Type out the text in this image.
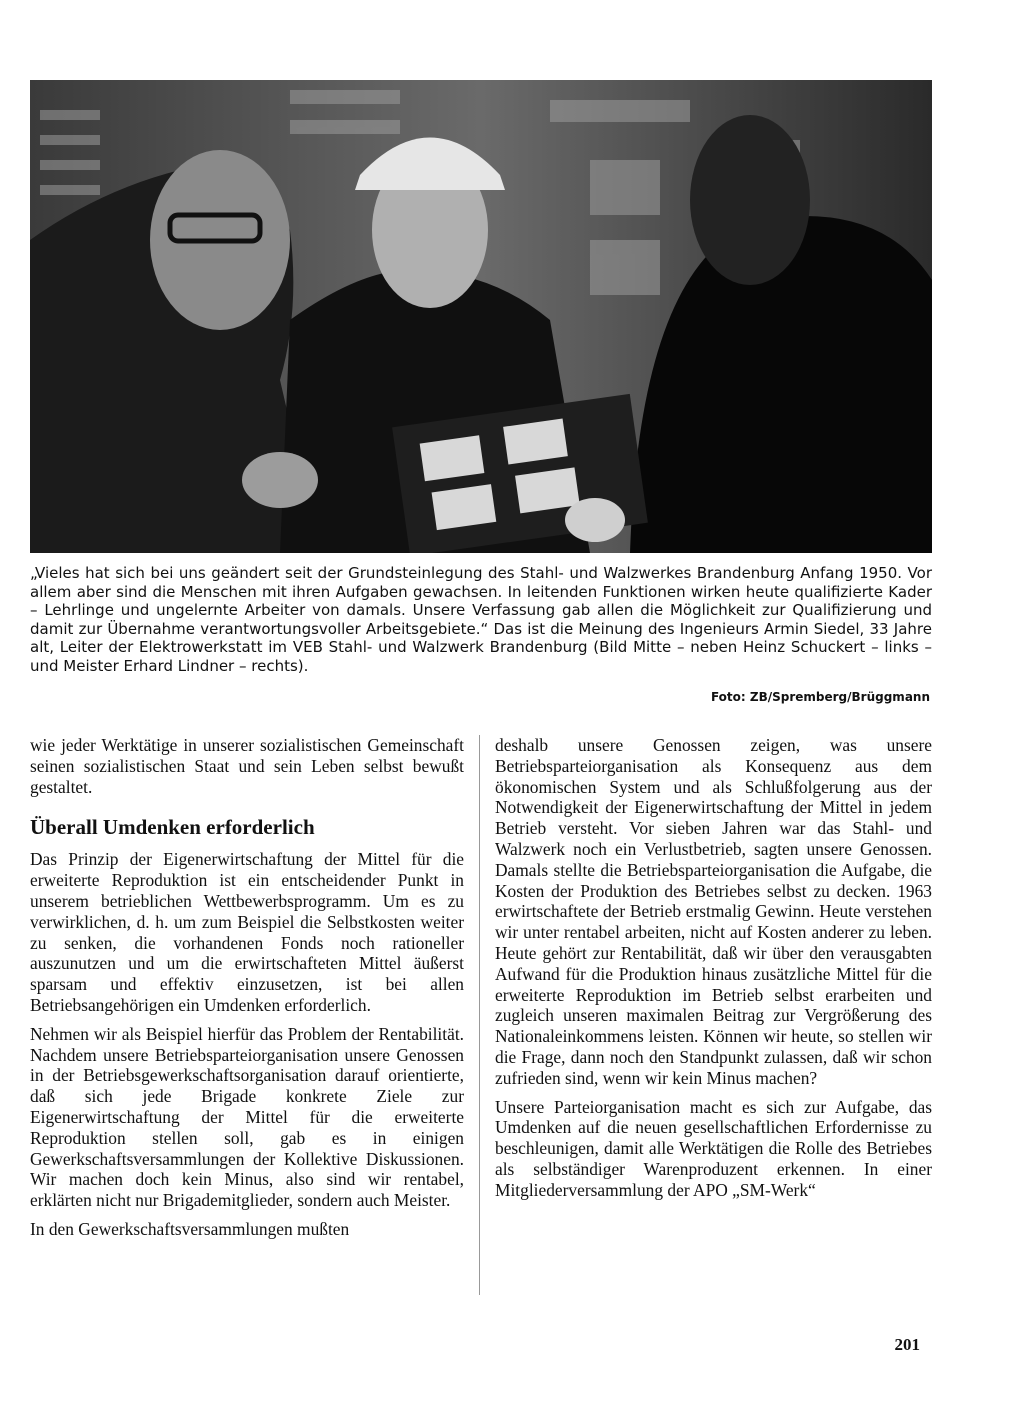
„Vieles hat sich bei uns geändert seit der Grundsteinlegung des Stahl- und Walzwerkes Brandenburg Anfang 1950. Vor allem aber sind die Menschen mit ihren Aufgaben gewachsen. In leitenden Funktionen wirken heute qualifizierte Kader – Lehrlinge und ungelernte Arbeiter von damals. Unsere Verfassung gab allen die Möglichkeit zur Qualifizierung und damit zur Übernahme verantwortungsvoller Arbeitsgebiete.“ Das ist die Meinung des Ingenieurs Armin Siedel, 33 Jahre alt, Leiter der Elektrowerkstatt im VEB Stahl- und Walzwerk Brandenburg (Bild Mitte – neben Heinz Schuckert – links – und Meister Erhard Lindner – rechts).

Foto: ZB/Spremberg/Brüggmann

wie jeder Werktätige in unserer sozialistischen Gemeinschaft seinen sozialistischen Staat und sein Leben selbst bewußt gestaltet.

Überall Umdenken erforderlich

Das Prinzip der Eigenerwirtschaftung der Mittel für die erweiterte Reproduktion ist ein entscheidender Punkt in unserem betrieblichen Wettbewerbsprogramm. Um es zu verwirklichen, d. h. um zum Beispiel die Selbstkosten weiter zu senken, die vorhandenen Fonds noch rationeller auszunutzen und um die erwirtschafteten Mittel äußerst sparsam und effektiv einzusetzen, ist bei allen Betriebsangehörigen ein Umdenken erforderlich.

Nehmen wir als Beispiel hierfür das Problem der Rentabilität. Nachdem unsere Betriebsparteiorganisation unsere Genossen in der Betriebsgewerkschaftsorganisation darauf orientierte, daß sich jede Brigade konkrete Ziele zur Eigenerwirtschaftung der Mittel für die erweiterte Reproduktion stellen soll, gab es in einigen Gewerkschaftsversammlungen der Kollektive Diskussionen. Wir machen doch kein Minus, also sind wir rentabel, erklärten nicht nur Brigademitglieder, sondern auch Meister.

In den Gewerkschaftsversammlungen mußten

deshalb unsere Genossen zeigen, was unsere Betriebsparteiorganisation als Konsequenz aus dem ökonomischen System und als Schlußfolgerung aus der Notwendigkeit der Eigenerwirtschaftung der Mittel in jedem Betrieb versteht. Vor sieben Jahren war das Stahl- und Walzwerk noch ein Verlustbetrieb, sagten unsere Genossen. Damals stellte die Betriebsparteiorganisation die Aufgabe, die Kosten der Produktion des Betriebes selbst zu decken. 1963 erwirtschaftete der Betrieb erstmalig Gewinn. Heute verstehen wir unter rentabel arbeiten, nicht auf Kosten anderer zu leben. Heute gehört zur Rentabilität, daß wir über den verausgabten Aufwand für die Produktion hinaus zusätzliche Mittel für die erweiterte Reproduktion im Betrieb selbst erarbeiten und zugleich unseren maximalen Beitrag zur Vergrößerung des Nationaleinkommens leisten. Können wir heute, so stellen wir die Frage, dann noch den Standpunkt zulassen, daß wir schon zufrieden sind, wenn wir kein Minus machen?

Unsere Parteiorganisation macht es sich zur Aufgabe, das Umdenken auf die neuen gesellschaftlichen Erfordernisse zu beschleunigen, damit alle Werktätigen die Rolle des Betriebes als selbständiger Warenproduzent erkennen. In einer Mitgliederversammlung der APO „SM-Werk“

201
